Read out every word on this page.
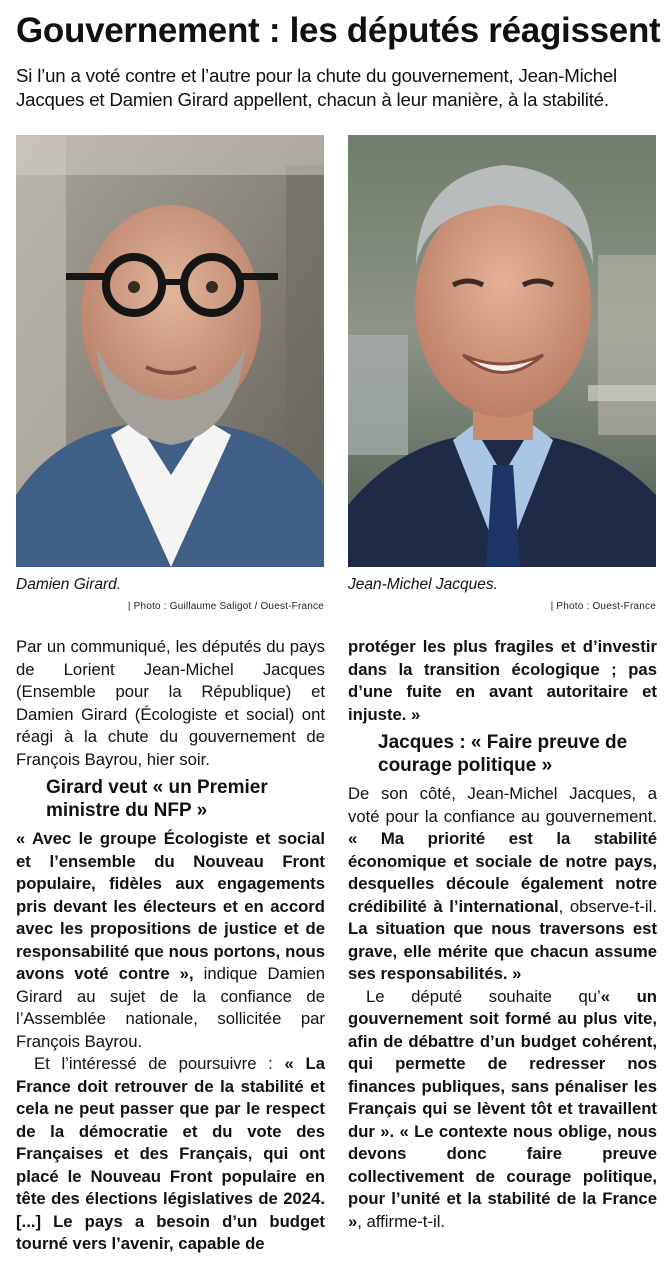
Gouvernement : les députés réagissent

Si l’un a voté contre et l’autre pour la chute du gouvernement, Jean-Michel Jacques et Damien Girard appellent, chacun à leur manière, à la stabilité.

Damien Girard.

| Photo : Guillaume Saligot / Ouest-France

Jean-Michel Jacques.

| Photo : Ouest-France

Par un communiqué, les députés du pays de Lorient Jean-Michel Jacques (Ensemble pour la République) et Damien Girard (Écologiste et social) ont réagi à la chute du gouvernement de François Bayrou, hier soir.

Girard veut « un Premier ministre du NFP »

« Avec le groupe Écologiste et social et l’ensemble du Nouveau Front populaire, fidèles aux engagements pris devant les électeurs et en accord avec les propositions de justice et de responsabilité que nous portons, nous avons voté contre », indique Damien Girard au sujet de la confiance de l’Assemblée nationale, sollicitée par François Bayrou.

Et l’intéressé de poursuivre : « La France doit retrouver de la stabilité et cela ne peut passer que par le respect de la démocratie et du vote des Françaises et des Français, qui ont placé le Nouveau Front populaire en tête des élections législatives de 2024. [...] Le pays a besoin d’un budget tourné vers l’avenir, capable de

protéger les plus fragiles et d’investir dans la transition écologique ; pas d’une fuite en avant autoritaire et injuste. »

Jacques : « Faire preuve de courage politique »

De son côté, Jean-Michel Jacques, a voté pour la confiance au gouvernement. « Ma priorité est la stabilité économique et sociale de notre pays, desquelles découle également notre crédibilité à l’international, observe-t-il. La situation que nous traversons est grave, elle mérite que chacun assume ses responsabilités. »

Le député souhaite qu’« un gouvernement soit formé au plus vite, afin de débattre d’un budget cohérent, qui permette de redresser nos finances publiques, sans pénaliser les Français qui se lèvent tôt et travaillent dur ». « Le contexte nous oblige, nous devons donc faire preuve collectivement de courage politique, pour l’unité et la stabilité de la France », affirme-t-il.
